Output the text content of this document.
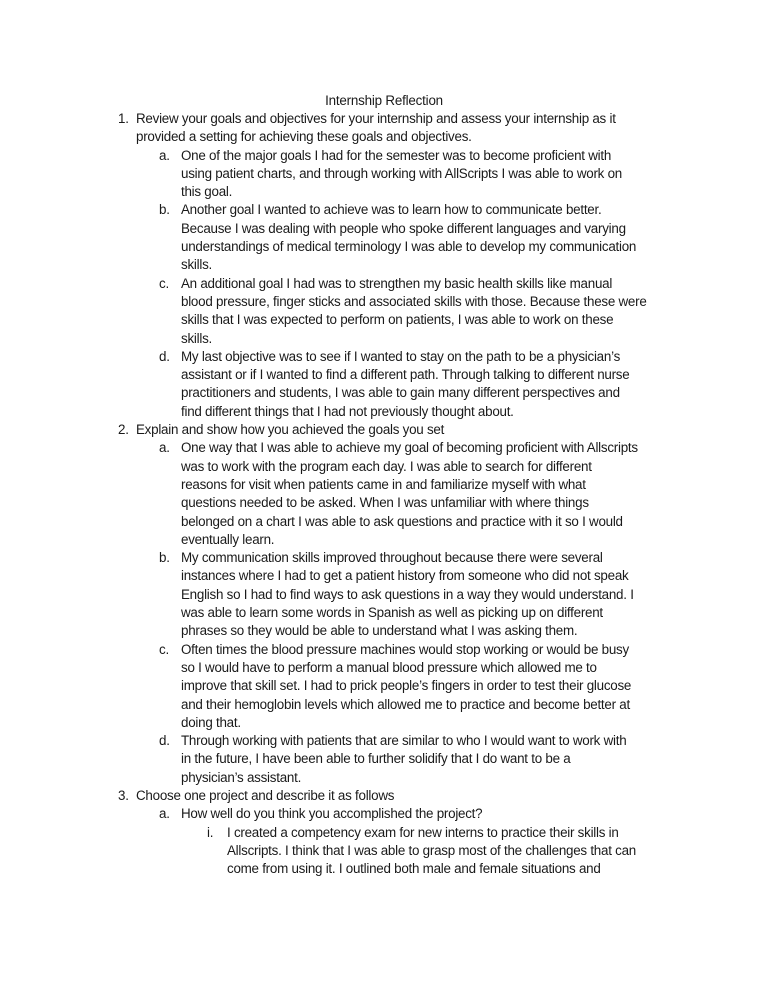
Internship Reflection
1. Review your goals and objectives for your internship and assess your internship as it
provided a setting for achieving these goals and objectives.
a. One of the major goals I had for the semester was to become proficient with
using patient charts, and through working with AllScripts I was able to work on
this goal.
b. Another goal I wanted to achieve was to learn how to communicate better.
Because I was dealing with people who spoke different languages and varying
understandings of medical terminology I was able to develop my communication
skills.
c. An additional goal I had was to strengthen my basic health skills like manual
blood pressure, finger sticks and associated skills with those. Because these were
skills that I was expected to perform on patients, I was able to work on these
skills.
d. My last objective was to see if I wanted to stay on the path to be a physician’s
assistant or if I wanted to find a different path. Through talking to different nurse
practitioners and students, I was able to gain many different perspectives and
find different things that I had not previously thought about.
2. Explain and show how you achieved the goals you set
a. One way that I was able to achieve my goal of becoming proficient with Allscripts
was to work with the program each day. I was able to search for different
reasons for visit when patients came in and familiarize myself with what
questions needed to be asked. When I was unfamiliar with where things
belonged on a chart I was able to ask questions and practice with it so I would
eventually learn.
b. My communication skills improved throughout because there were several
instances where I had to get a patient history from someone who did not speak
English so I had to find ways to ask questions in a way they would understand. I
was able to learn some words in Spanish as well as picking up on different
phrases so they would be able to understand what I was asking them.
c. Often times the blood pressure machines would stop working or would be busy
so I would have to perform a manual blood pressure which allowed me to
improve that skill set. I had to prick people’s fingers in order to test their glucose
and their hemoglobin levels which allowed me to practice and become better at
doing that.
d. Through working with patients that are similar to who I would want to work with
in the future, I have been able to further solidify that I do want to be a
physician’s assistant.
3. Choose one project and describe it as follows
a. How well do you think you accomplished the project?
i. I created a competency exam for new interns to practice their skills in
Allscripts. I think that I was able to grasp most of the challenges that can
come from using it. I outlined both male and female situations and
